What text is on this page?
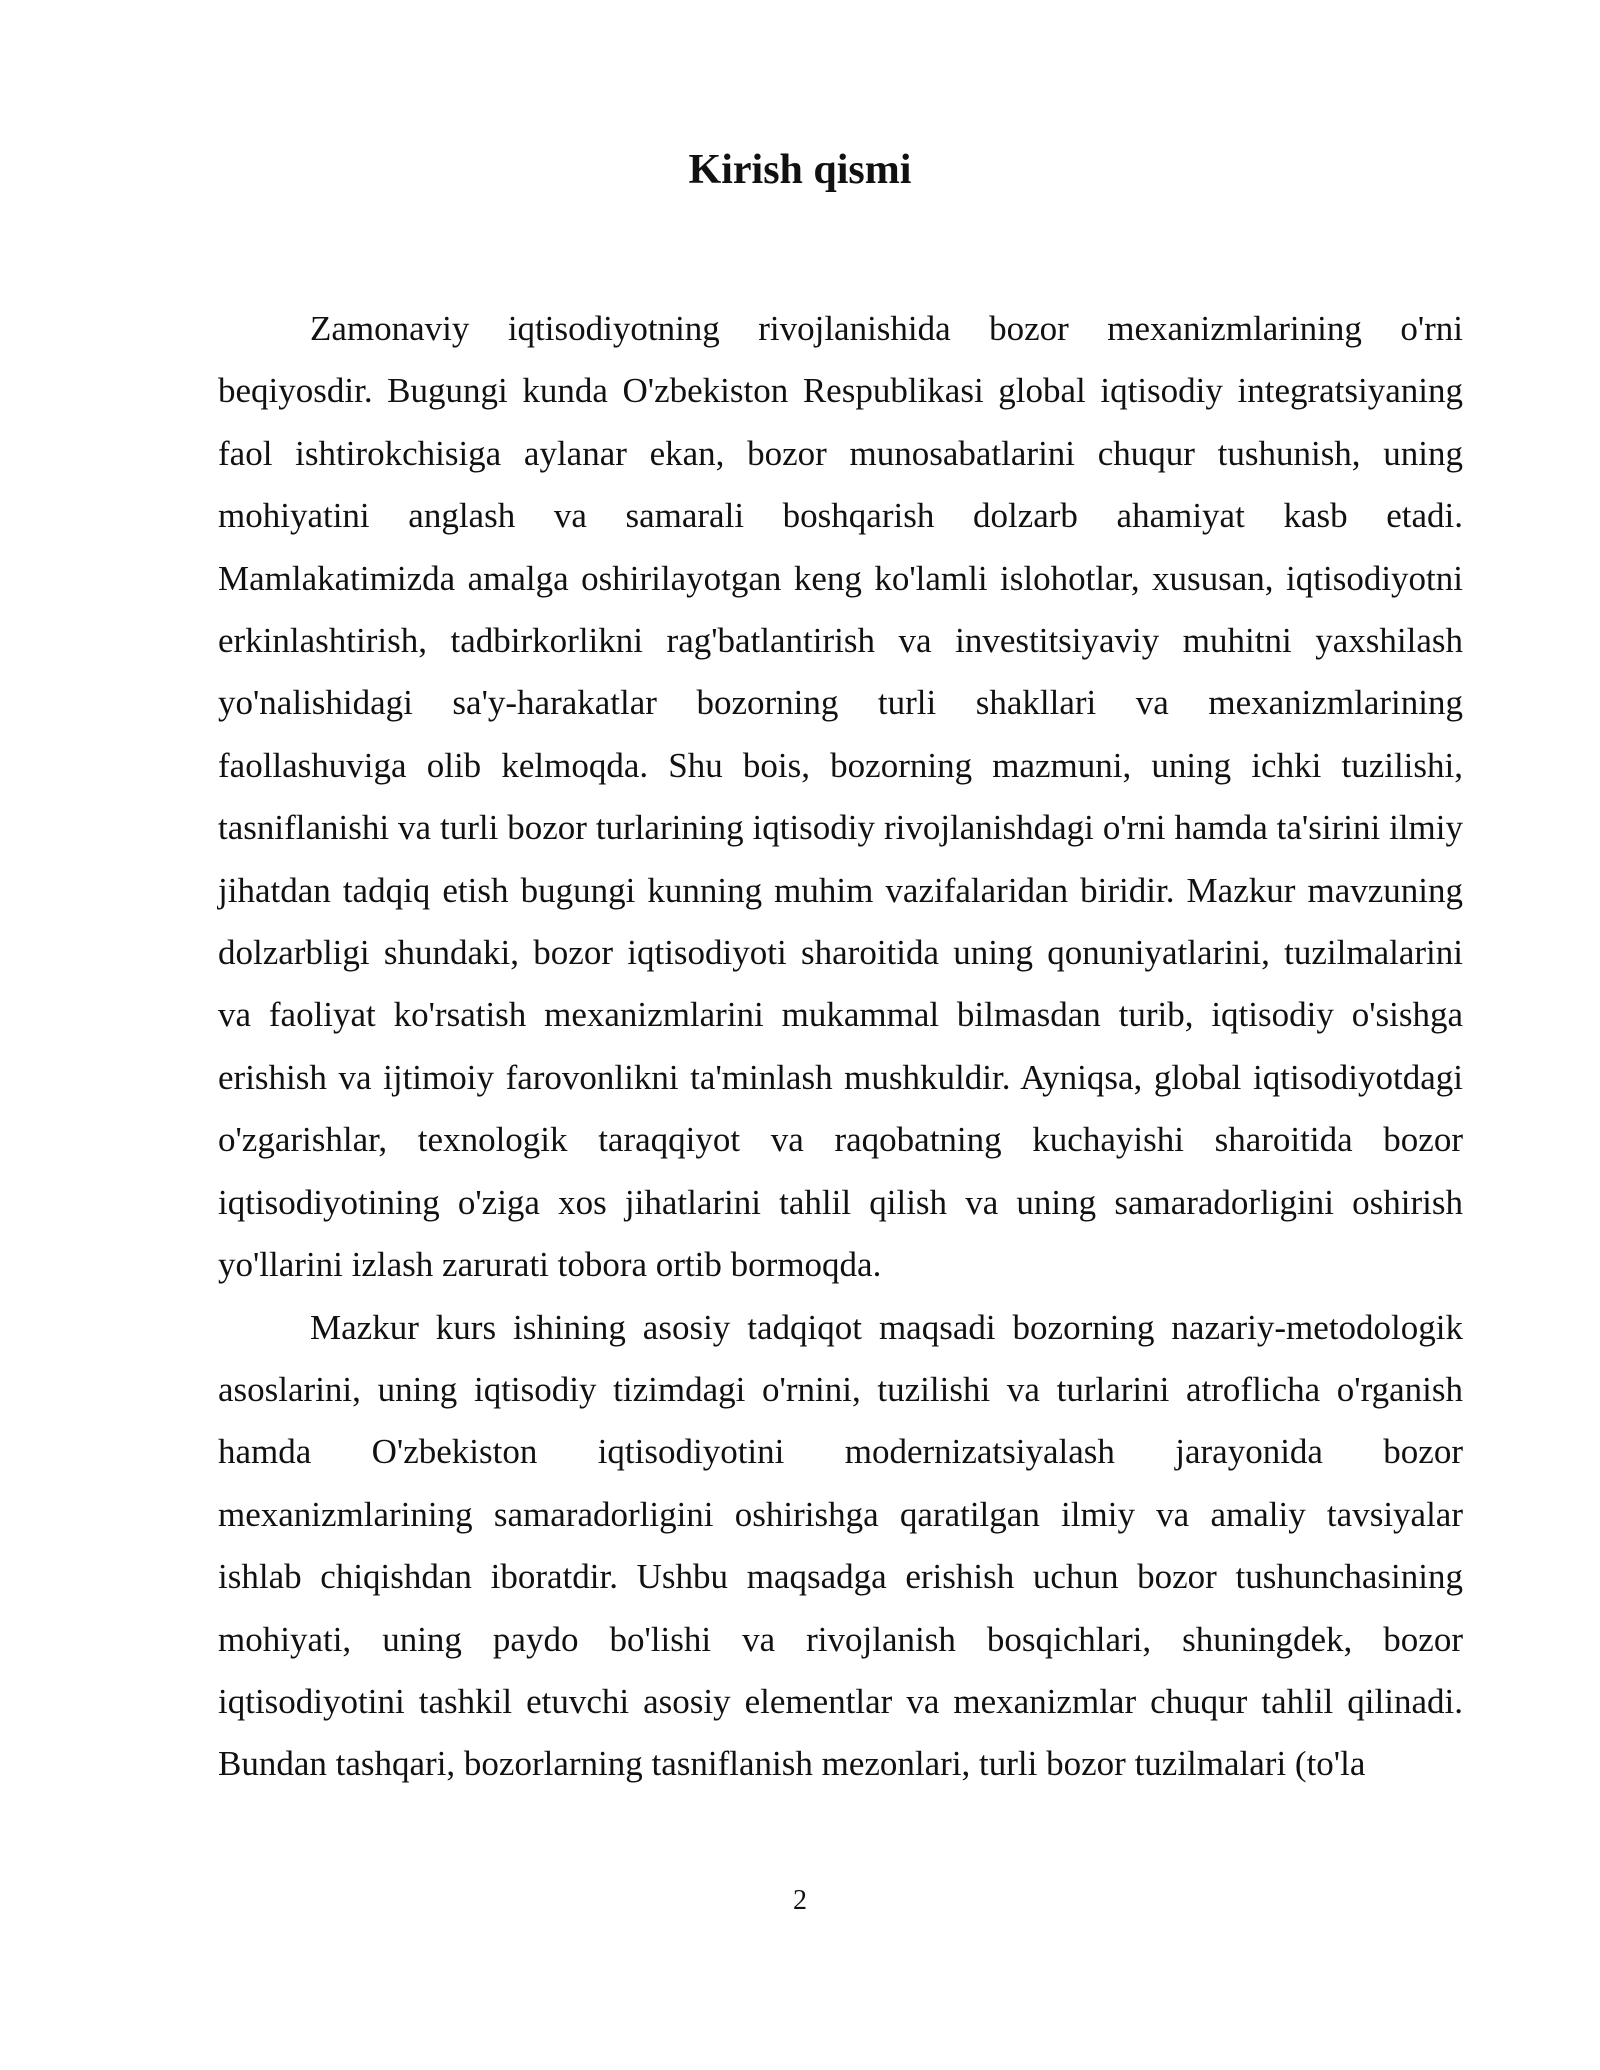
Kirish qismi

Zamonaviy iqtisodiyotning rivojlanishida bozor mexanizmlarining o'rni beqiyosdir. Bugungi kunda O'zbekiston Respublikasi global iqtisodiy integratsiyaning faol ishtirokchisiga aylanar ekan, bozor munosabatlarini chuqur tushunish, uning mohiyatini anglash va samarali boshqarish dolzarb ahamiyat kasb etadi. Mamlakatimizda amalga oshirilayotgan keng ko'lamli islohotlar, xususan, iqtisodiyotni erkinlashtirish, tadbirkorlikni rag'batlantirish va investitsiyaviy muhitni yaxshilash yo'nalishidagi sa'y-harakatlar bozorning turli shakllari va mexanizmlarining faollashuviga olib kelmoqda. Shu bois, bozorning mazmuni, uning ichki tuzilishi, tasniflanishi va turli bozor turlarining iqtisodiy rivojlanishdagi o'rni hamda ta'sirini ilmiy jihatdan tadqiq etish bugungi kunning muhim vazifalaridan biridir. Mazkur mavzuning dolzarbligi shundaki, bozor iqtisodiyoti sharoitida uning qonuniyatlarini, tuzilmalarini va faoliyat ko'rsatish mexanizmlarini mukammal bilmasdan turib, iqtisodiy o'sishga erishish va ijtimoiy farovonlikni ta'minlash mushkuldir. Ayniqsa, global iqtisodiyotdagi o'zgarishlar, texnologik taraqqiyot va raqobatning kuchayishi sharoitida bozor iqtisodiyotining o'ziga xos jihatlarini tahlil qilish va uning samaradorligini oshirish yo'llarini izlash zarurati tobora ortib bormoqda.

Mazkur kurs ishining asosiy tadqiqot maqsadi bozorning nazariy-metodologik asoslarini, uning iqtisodiy tizimdagi o'rnini, tuzilishi va turlarini atroflicha o'rganish hamda O'zbekiston iqtisodiyotini modernizatsiyalash jarayonida bozor mexanizmlarining samaradorligini oshirishga qaratilgan ilmiy va amaliy tavsiyalar ishlab chiqishdan iboratdir. Ushbu maqsadga erishish uchun bozor tushunchasining mohiyati, uning paydo bo'lishi va rivojlanish bosqichlari, shuningdek, bozor iqtisodiyotini tashkil etuvchi asosiy elementlar va mexanizmlar chuqur tahlil qilinadi. Bundan tashqari, bozorlarning tasniflanish mezonlari, turli bozor tuzilmalari (to'la

2
